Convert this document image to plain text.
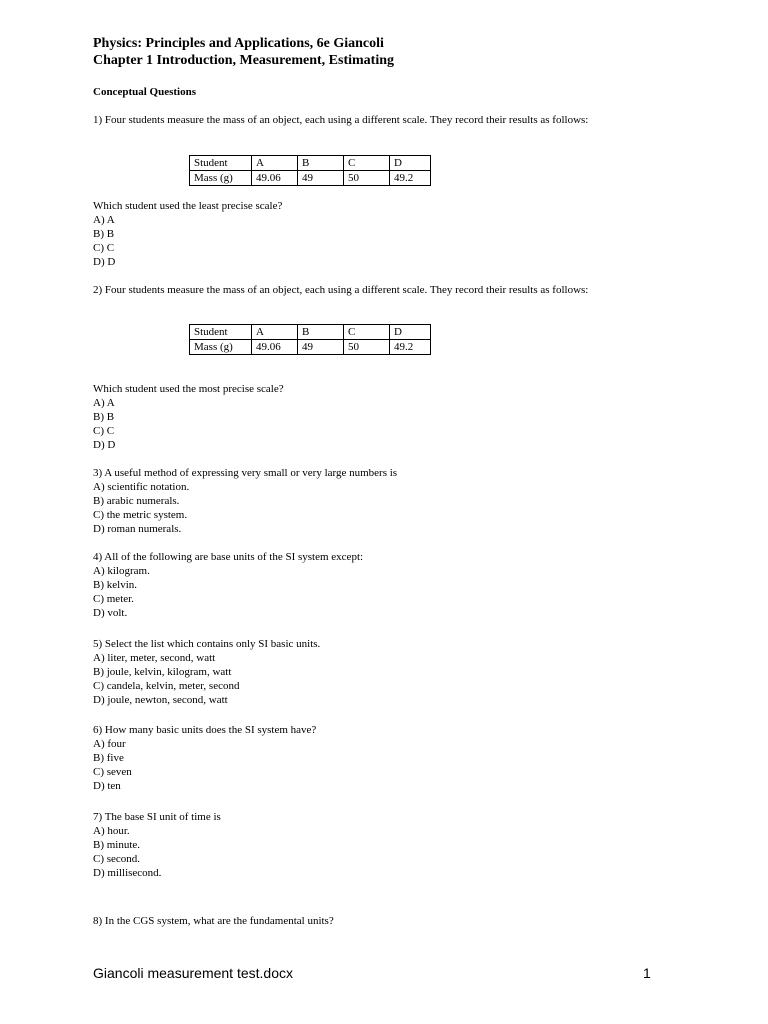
Physics: Principles and Applications, 6e Giancoli
Chapter 1 Introduction, Measurement, Estimating
Conceptual Questions

1) Four students measure the mass of an object, each using a different scale. They record their results as follows:

Student	A	B	C	D
Mass (g)	49.06	49	50	49.2

Which student used the least precise scale?

A) A

B) B

C) C

D) D

2) Four students measure the mass of an object, each using a different scale. They record their results as follows:

Student	A	B	C	D
Mass (g)	49.06	49	50	49.2

Which student used the most precise scale?

A) A

B) B

C) C

D) D

3) A useful method of expressing very small or very large numbers is

A) scientific notation.

B) arabic numerals.

C) the metric system.

D) roman numerals.

4) All of the following are base units of the SI system except:

A) kilogram.

B) kelvin.

C) meter.

D) volt.

5) Select the list which contains only SI basic units.

A) liter, meter, second, watt

B) joule, kelvin, kilogram, watt

C) candela, kelvin, meter, second

D) joule, newton, second, watt

6) How many basic units does the SI system have?

A) four

B) five

C) seven

D) ten

7) The base SI unit of time is

A) hour.

B) minute.

C) second.

D) millisecond.

8) In the CGS system, what are the fundamental units?

Giancoli measurement test.docx	1
